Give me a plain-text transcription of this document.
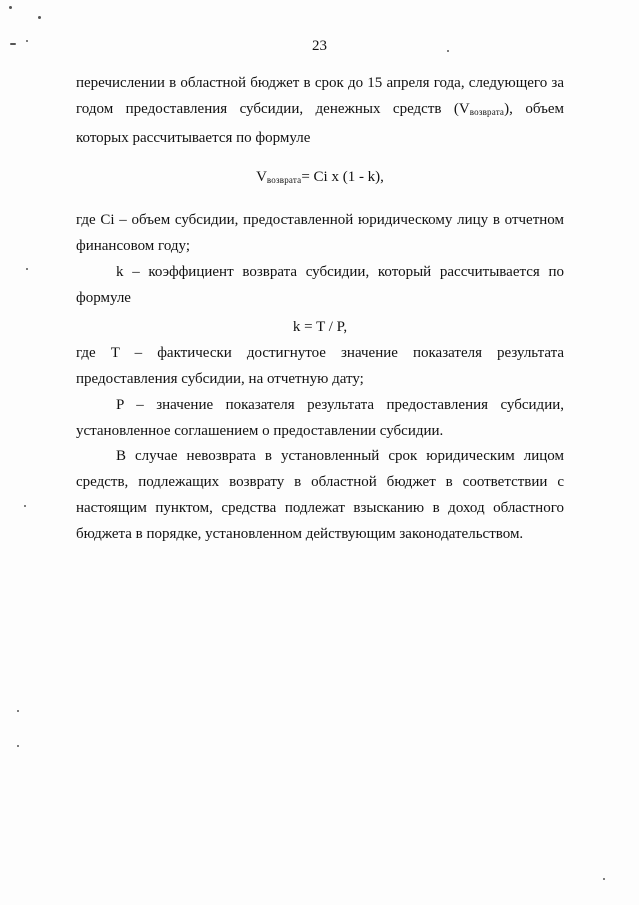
23

перечислении в областной бюджет в срок до 15 апреля года, следующего за годом предоставления субсидии, денежных средств $(V_{возврата})$, объем которых рассчитывается по формуле

$V_{возврата}= Ci$ x (1 - k),

где Ci – объем субсидии, предоставленной юридическому лицу в отчетном финансовом году;

k – коэффициент возврата субсидии, который рассчитывается по формуле

k = T / P,

где T – фактически достигнутое значение показателя результата предоставления субсидии, на отчетную дату;

P – значение показателя результата предоставления субсидии, установленное соглашением о предоставлении субсидии.

В случае невозврата в установленный срок юридическим лицом средств, подлежащих возврату в областной бюджет в соответствии с настоящим пунктом, средства подлежат взысканию в доход областного бюджета в порядке, установленном действующим законодательством.
